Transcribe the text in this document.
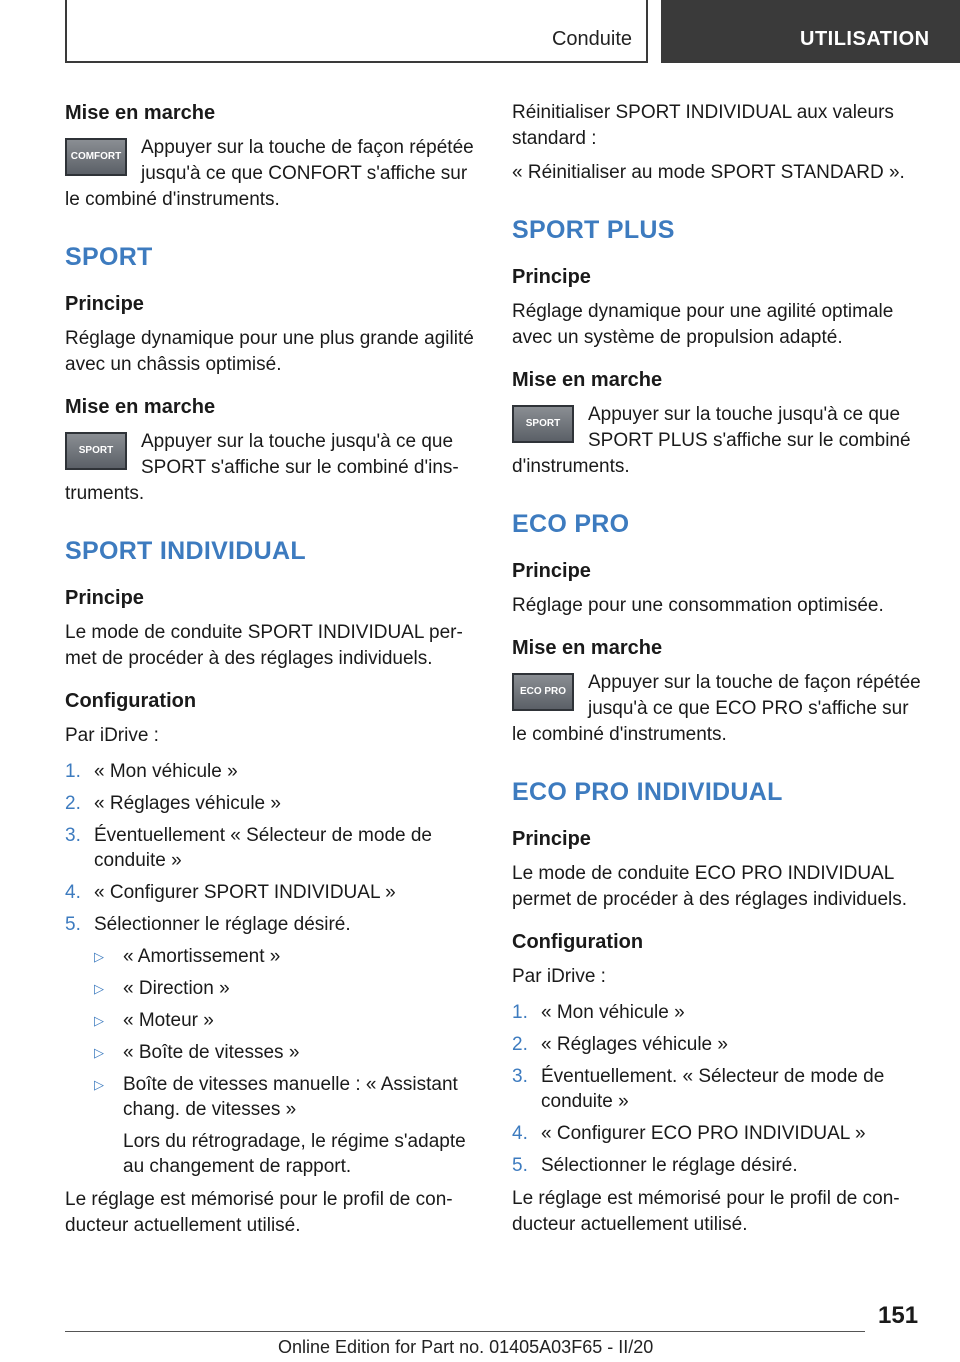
Conduite	UTILISATION
Mise en marche
COMFORT	Appuyer sur la touche de façon répétée jusqu'à ce que CONFORT s'affiche sur le combiné d'instruments.
SPORT
Principe
Réglage dynamique pour une plus grande agilité avec un châssis optimisé.
Mise en marche
SPORT	Appuyer sur la touche jusqu'à ce que SPORT s'affiche sur le combiné d'ins‐ truments.
SPORT INDIVIDUAL
Principe
Le mode de conduite SPORT INDIVIDUAL per‐ met de procéder à des réglages individuels.
Configuration
Par iDrive :
1. « Mon véhicule »
2. « Réglages véhicule »
3. Éventuellement « Sélecteur de mode de conduite »
4. « Configurer SPORT INDIVIDUAL »
5. Sélectionner le réglage désiré.
▷	« Amortissement »
▷	« Direction »
▷	« Moteur »
▷	« Boîte de vitesses »
▷	Boîte de vitesses manuelle : « Assistant chang. de vitesses »
Lors du rétrogradage, le régime s'adapte au changement de rapport.
Le réglage est mémorisé pour le profil de con‐ ducteur actuellement utilisé.
Réinitialiser SPORT INDIVIDUAL aux valeurs standard :
« Réinitialiser au mode SPORT STANDARD ».
SPORT PLUS
Principe
Réglage dynamique pour une agilité optimale avec un système de propulsion adapté.
Mise en marche
SPORT	Appuyer sur la touche jusqu'à ce que SPORT PLUS s'affiche sur le combiné d'instruments.
ECO PRO
Principe
Réglage pour une consommation optimisée.
Mise en marche
ECO PRO	Appuyer sur la touche de façon répétée jusqu'à ce que ECO PRO s'affiche sur le combiné d'instruments.
ECO PRO INDIVIDUAL
Principe
Le mode de conduite ECO PRO INDIVIDUAL permet de procéder à des réglages individuels.
Configuration
Par iDrive :
1. « Mon véhicule »
2. « Réglages véhicule »
3. Éventuellement. « Sélecteur de mode de conduite »
4. « Configurer ECO PRO INDIVIDUAL »
5. Sélectionner le réglage désiré.
Le réglage est mémorisé pour le profil de con‐ ducteur actuellement utilisé.
151
Online Edition for Part no. 01405A03F65 - II/20
